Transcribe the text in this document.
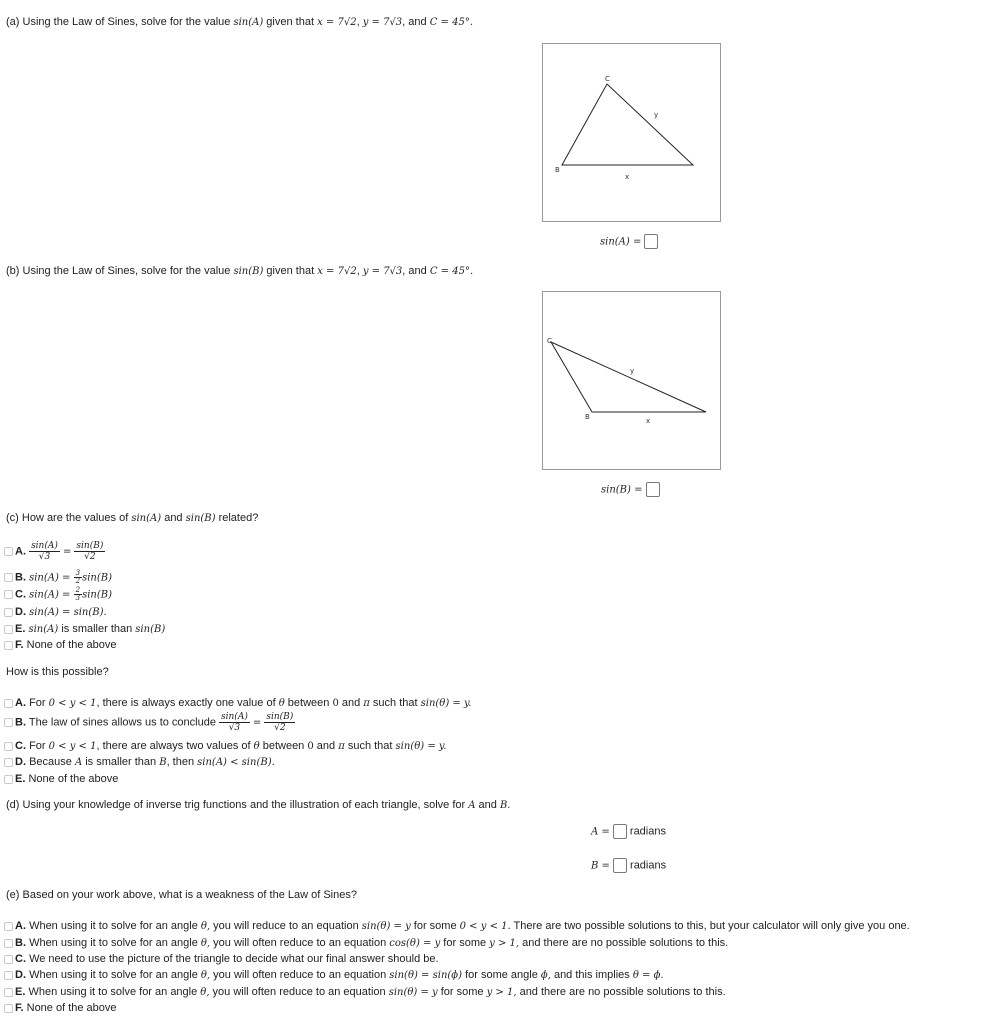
(a) Using the Law of Sines, solve for the value sin(A) given that x = 7√2, y = 7√3, and C = 45°.
C
y
B
x
sin(A) =
(b) Using the Law of Sines, solve for the value sin(B) given that x = 7√2, y = 7√3, and C = 45°.
C
y
B	x
sin(B) =
(c) How are the values of sin(A) and sin(B) related?
A. $\frac{\sin(A)}{√3} = \frac{\sin(B)}{√2}$
B. $\sin(A) = \frac{3}{2} \sin(B)$
C. $\sin(A) = \frac{2}{3} \sin(B)$
D. sin(A) = sin(B).
E. sin(A) is smaller than sin(B)
F. None of the above
How is this possible?
A. For 0 < y < 1, there is always exactly one value of θ between 0 and π such that sin(θ) = y.
B. The law of sines allows us to conclude $\frac{\sin(A)}{√3} = \frac{\sin(B)}{√2}$
C. For 0 < y < 1, there are always two values of θ between 0 and π such that sin(θ) = y.
D. Because A is smaller than B, then sin(A) < sin(B).
E. None of the above
(d) Using your knowledge of inverse trig functions and the illustration of each triangle, solve for A and B.
A = radians
B = radians
(e) Based on your work above, what is a weakness of the Law of Sines?
A. When using it to solve for an angle θ, you will reduce to an equation sin(θ) = y for some 0 < y < 1. There are two possible solutions to this, but your calculator will only give you one.
B. When using it to solve for an angle θ, you will often reduce to an equation cos(θ) = y for some y > 1, and there are no possible solutions to this.
C. We need to use the picture of the triangle to decide what our final answer should be.
D. When using it to solve for an angle θ, you will often reduce to an equation sin(θ) = sin(ϕ) for some angle ϕ, and this implies θ = ϕ.
E. When using it to solve for an angle θ, you will often reduce to an equation sin(θ) = y for some y > 1, and there are no possible solutions to this.
F. None of the above
